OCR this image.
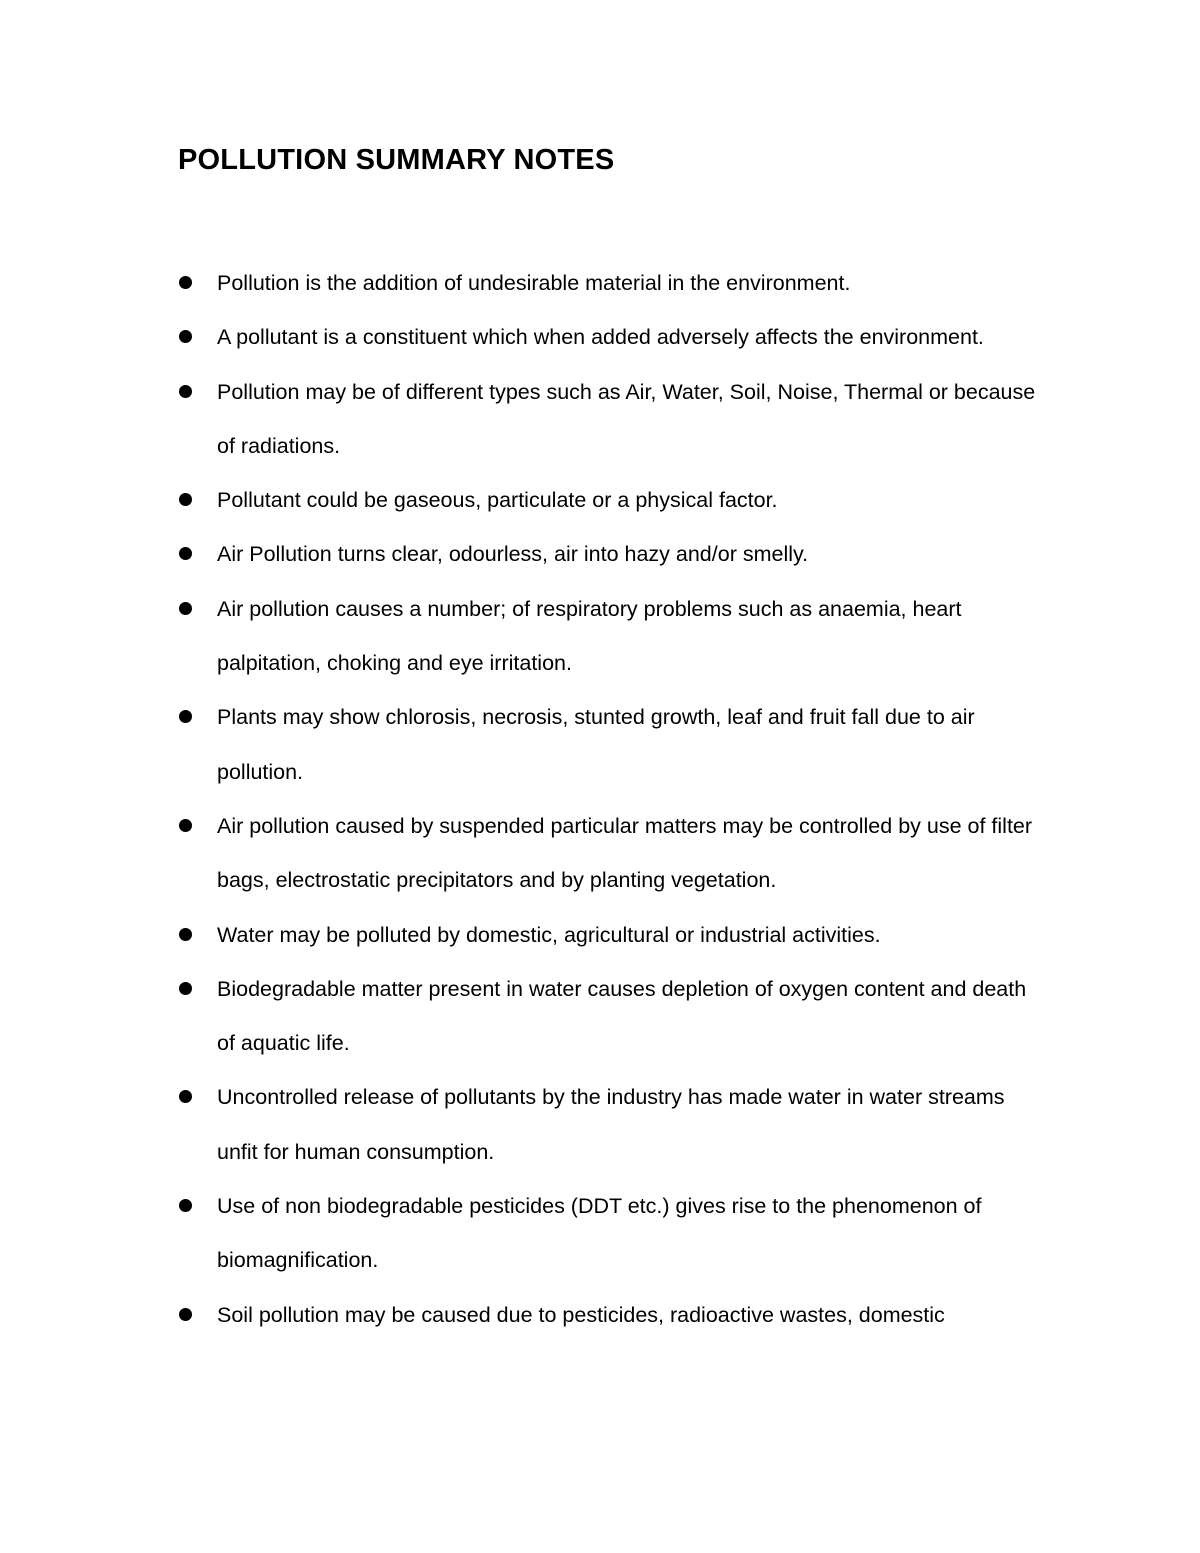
POLLUTION SUMMARY NOTES
Pollution is the addition of undesirable material in the environment.
A pollutant is a constituent which when added adversely affects the environment.
Pollution may be of different types such as Air, Water, Soil, Noise, Thermal or because of radiations.
Pollutant could be gaseous, particulate or a physical factor.
Air Pollution turns clear, odourless, air into hazy and/or smelly.
Air pollution causes a number; of respiratory problems such as anaemia, heart palpitation, choking and eye irritation.
Plants may show chlorosis, necrosis, stunted growth, leaf and fruit fall due to air pollution.
Air pollution caused by suspended particular matters may be controlled by use of filter bags, electrostatic precipitators and by planting vegetation.
Water may be polluted by domestic, agricultural or industrial activities.
Biodegradable matter present in water causes depletion of oxygen content and death of aquatic life.
Uncontrolled release of pollutants by the industry has made water in water streams unfit for human consumption.
Use of non biodegradable pesticides (DDT etc.) gives rise to the phenomenon of biomagnification.
Soil pollution may be caused due to pesticides, radioactive wastes, domestic
